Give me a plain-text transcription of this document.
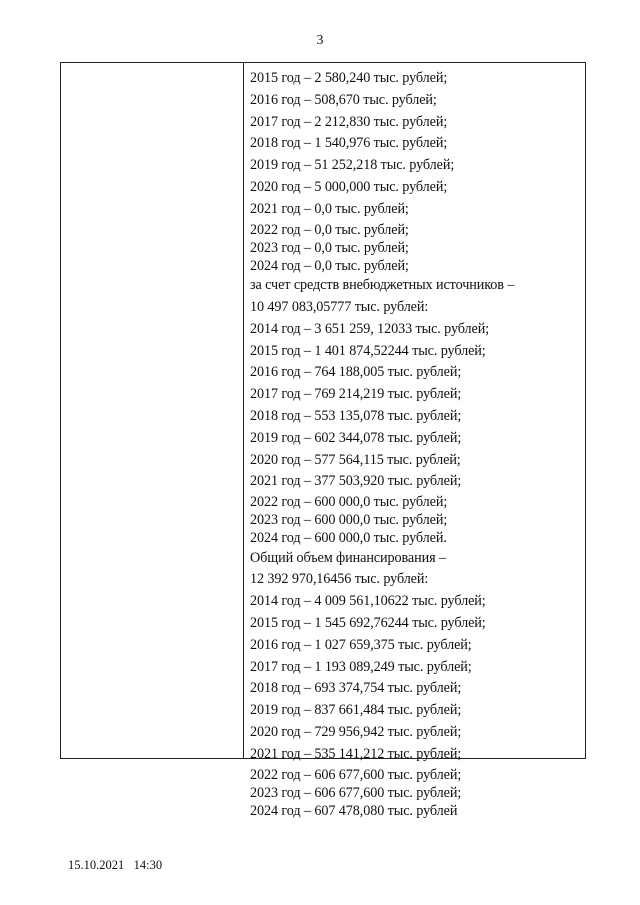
3
2015 год – 2 580,240 тыс. рублей;
2016 год – 508,670 тыс. рублей;
2017 год – 2 212,830 тыс. рублей;
2018 год – 1 540,976 тыс. рублей;
2019 год – 51 252,218 тыс. рублей;
2020 год – 5 000,000 тыс. рублей;
2021 год – 0,0 тыс. рублей;
2022 год – 0,0 тыс. рублей;
2023 год – 0,0 тыс. рублей;
2024 год – 0,0 тыс. рублей;
за счет средств внебюджетных источников –
10 497 083,05777 тыс. рублей:
2014 год – 3 651 259, 12033 тыс. рублей;
2015 год – 1 401 874,52244 тыс. рублей;
2016 год – 764 188,005 тыс. рублей;
2017 год – 769 214,219 тыс. рублей;
2018 год – 553 135,078 тыс. рублей;
2019 год – 602 344,078 тыс. рублей;
2020 год – 577 564,115 тыс. рублей;
2021 год – 377 503,920 тыс. рублей;
2022 год – 600 000,0 тыс. рублей;
2023 год – 600 000,0 тыс. рублей;
2024 год – 600 000,0 тыс. рублей.
Общий объем финансирования –
12 392 970,16456 тыс. рублей:
2014 год – 4 009 561,10622 тыс. рублей;
2015 год – 1 545 692,76244 тыс. рублей;
2016 год – 1 027 659,375 тыс. рублей;
2017 год – 1 193 089,249 тыс. рублей;
2018 год – 693 374,754 тыс. рублей;
2019 год – 837 661,484 тыс. рублей;
2020 год – 729 956,942 тыс. рублей;
2021 год – 535 141,212 тыс. рублей;
2022 год – 606 677,600 тыс. рублей;
2023 год – 606 677,600 тыс. рублей;
2024 год – 607 478,080 тыс. рублей
15.10.2021   14:30
